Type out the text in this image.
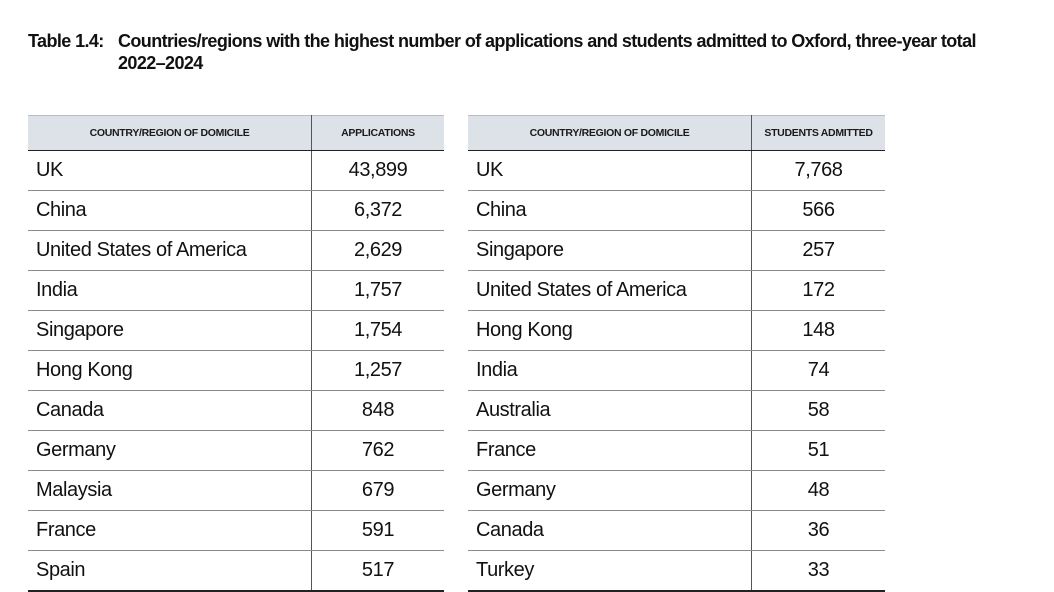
Table 1.4: Countries/regions with the highest number of applications and students admitted to Oxford, three-year total
2022–2024
COUNTRY/REGION OF DOMICILE	APPLICATIONS
UK	43,899
China	6,372
United States of America	2,629
India	1,757
Singapore	1,754
Hong Kong	1,257
Canada	848
Germany	762
Malaysia	679
France	591
Spain	517
COUNTRY/REGION OF DOMICILE	STUDENTS ADMITTED
UK	7,768
China	566
Singapore	257
United States of America	172
Hong Kong	148
India	74
Australia	58
France	51
Germany	48
Canada	36
Turkey	33
